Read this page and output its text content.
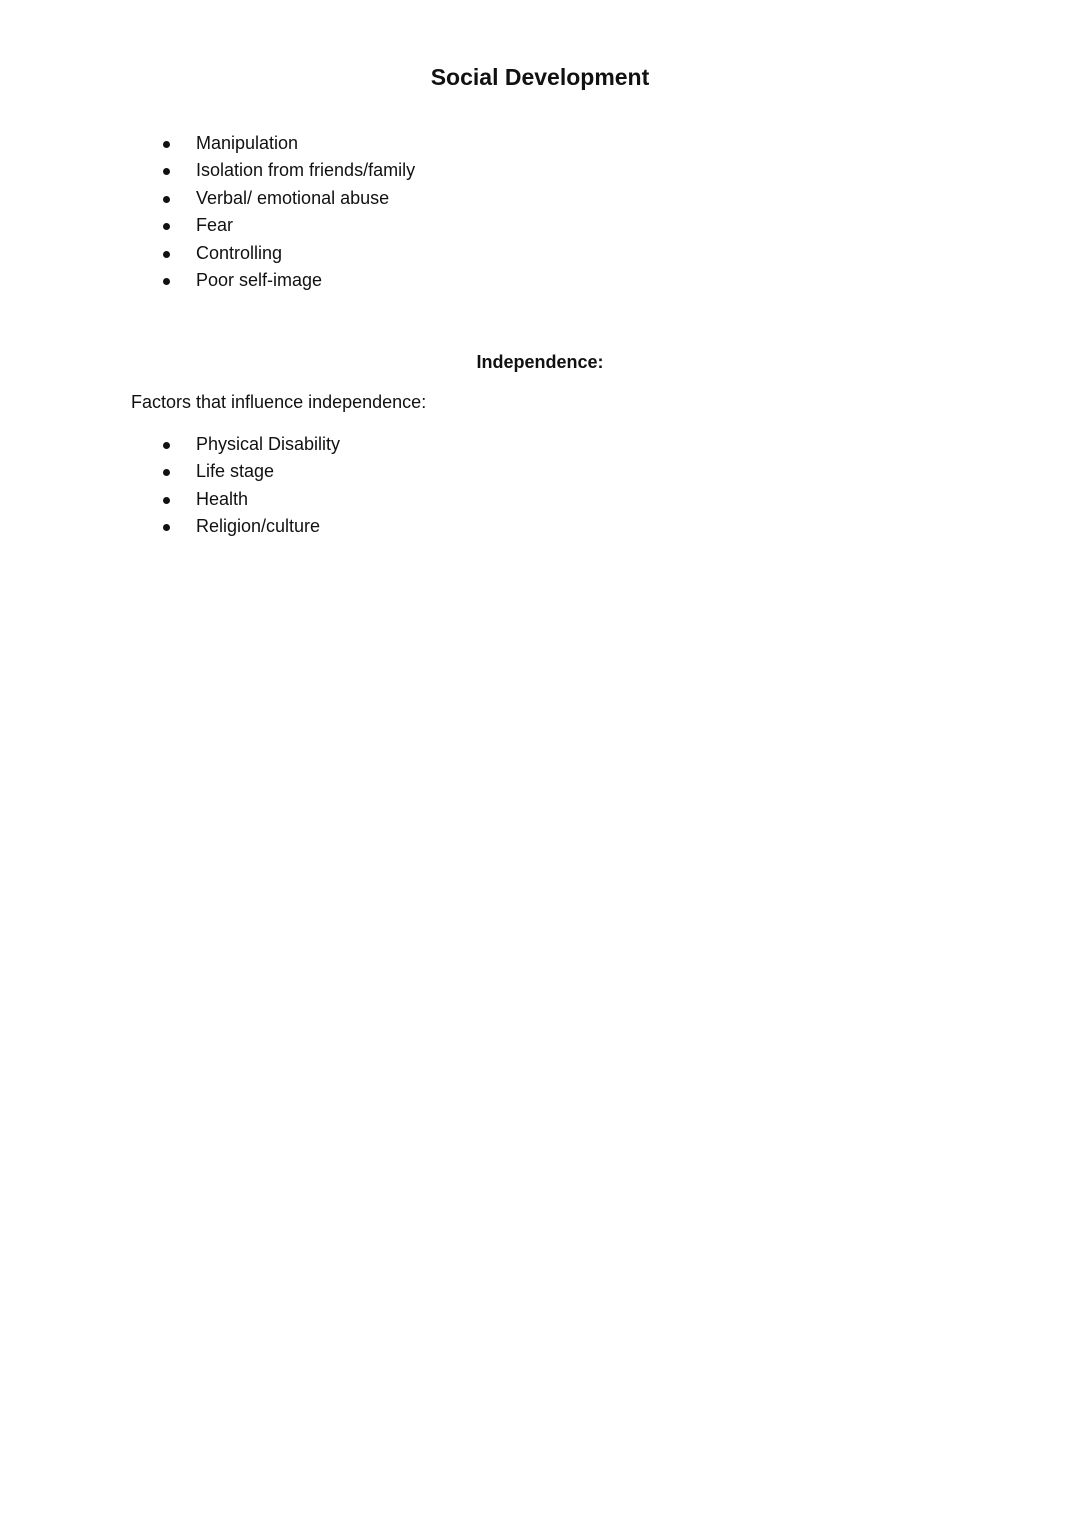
Social Development
Manipulation
Isolation from friends/family
Verbal/ emotional abuse
Fear
Controlling
Poor self-image
Independence:

Factors that influence independence:

Physical Disability
Life stage
Health
Religion/culture
